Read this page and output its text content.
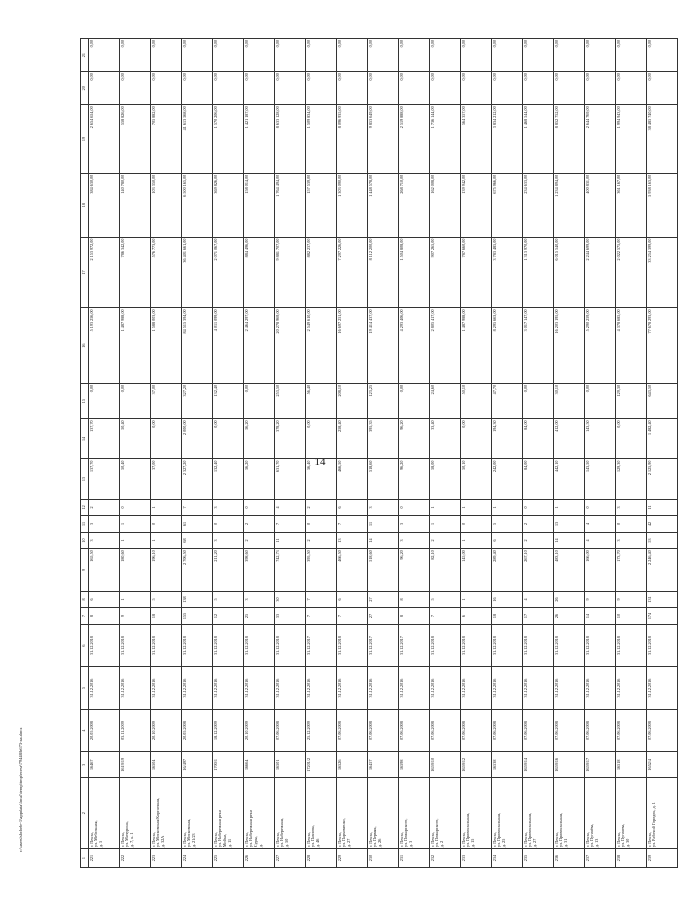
14
1	2	3	4	5	6	7	8	9	10	11	12	13	14	15	16	17	18	19	20	21
221	г. Пенза,
ул. Мебельная,
д. 5	16467	20.05.2008	31.12.2016	31.12.2018	8	6	165,50	3	3	2	137,70	137,70	0,00	5 193 256,00	2 153 972,00	384 630,00	2 654 654,00	0,00	0,00
222	г. Пенза,
ул. Мичурина,
д. 7, к. 1	1619/19	03.11.2009	31.12.2016	31.12.2018	9	1	180,60	1	1	0	50,40	50,40	0,00	1 487 988,00	786 342,00	140 780,00	558 826,00	0,00	0,00
223	г. Пенза,
ул. Московская/Кирпичная,
д. 32А	16504	20.10.2009	31.12.2016	31.12.2018	18	5	196,10	1	0	1	37,00	0,00	37,00	1 588 003,00	576 773,00	103 350,00	705 882,00	0,00	0,00
224	г. Пенза,
ул. Московская,
д. 21/23	16/497	20.05.2008	31.12.2016	31.12.2018	155	138	2 706,50	68	61	7	2 327,20	2 000,00	327,20	84 515 394,00	36 401 661,00	6 500 165,00	41 613 568,00	0,00	0,00
225	г. Пенза,
ул. Набережная реки
Мойки,
д. 11	1700/1	18.12.2009	31.12.2016	31.12.2018	12	5	211,20	3	0	3	132,40	0,00	132,40	4 011 099,00	2 071 067,00	369 826,00	1 570 206,00	0,00	0,00
226	г. Пенза,
ул. Набережная реки
Суры,
д.	16664	20.10.2009	31.12.2016	31.12.2018	25	3	398,60	2	2	0	56,20	56,20	0,00	2 464 297,00	884 496,00	158 014,00	1 421 187,00	0,00	0,00
227	г. Пенза,
ул. Набережная,
д. 50	16501	07.06.2008	31.12.2016	31.12.2018	33	30	742,73	11	7	4	631,70	378,20	253,50	20 278 969,00	9 881 707,00	1 764 494,00	8 633 128,00	0,00	0,00
228	г. Пенза,
ул. Павлова,
д. 46	17201/2	25.12.2009	31.12.2016	31.12.2017	7	7	395,50	2	0	2	56,40	0,00	56,40	2 549 610,00	882 237,00	157 539,00	1 509 834,00	0,00	0,00
229	г. Пенза,
ул. Пархоменко,
д. 27	16526	07.06.2008	31.12.2016	31.12.2018	7	6	466,50	13	7	6	466,50	258,40	208,10	16 697 251,00	7 297 226,00	1 303 090,00	8 096 935,00	0,00	0,00
230	г. Пенза,
ул. Пермяк,
д. 26	16457	07.06.2008	31.12.2016	31.12.2017	27	27	518,60	14	11	3	518,60	395,35	123,25	19 414 437,00	8 112 200,00	1 448 578,00	9 853 649,00	0,00	0,00
231	г. Пенза,
ул. Пожарского,
д. 3	16598	07.06.2008	31.12.2016	31.12.2017	8	8	96,20	3	3	0	96,20	96,20	0,00	4 293 406,00	1 504 808,00	268 710,00	2 519 888,00	0,00	0,00
232	г. Пенза,
ул. Пожарского,
д. 2	1659/10	07.06.2008	31.12.2016	31.12.2018	7	5	82,10	2	1	1	58,00	33,40	24,60	2 805 417,00	907 265,00	162 008,00	1 736 144,00	0,00	0,00
233	г. Пенза,
ул. Привокзальная,
д. 15	1659/12	07.06.2008	31.12.2016	31.12.2018	6	1	145,00	1	0	1	50,10	0,00	50,10	1 487 988,00	787 660,00	139 942,00	564 357,00	0,00	0,00
234	г. Пенза,
ул. Привокзальная,
д. 25	16538	07.06.2008	31.12.2016	31.12.2018	18	16	289,40	6	5	1	242,00	194,30	47,70	8 295 663,00	3 783 485,00	675 966,00	3 834 212,00	0,00	0,00
235	г. Пенза,
ул. Привокзальная,
д. 27	1659/14	07.06.2008	31.12.2016	31.12.2018	17	4	267,10	2	2	0	84,00	84,00	0,00	3 017 147,00	1 313 970,00	234 633,00	1 468 544,00	0,00	0,00
236	г. Пенза,
ул. Привокзальная,
д. 31	1659/16	07.06.2008	31.12.2016	31.12.2018	26	26	483,10	14	13	1	442,10	412,00	30,10	16 203 195,00	6 015 540,00	1 234 894,00	8 852 752,00	0,00	0,00
237	г. Пенза,
ул. Пугачёва,
д. 13	1659/17	07.06.2008	31.12.2016	31.12.2018	14	9	166,00	4	4	0	143,50	143,50	0,00	5 290 259,00	2 244 699,00	400 831,00	2 644 769,00	0,00	0,00
238	г. Пенза,
ул. Пугачева,
д. 30	16518	07.06.2008	31.12.2016	31.12.2018	10	9	173,70	3	0	3	129,30	0,00	129,30	4 378 685,00	2 022 575,00	361 167,00	1 994 943,00	0,00	0,00
239	г. Пенза,
ул. Рабочий Городок, д. 1	1652/4	07.06.2008	31.12.2016	31.12.2018	174	131	2 246,40	53	42	11	2 125,90	1 482,40	643,50	77 678 293,00	33 254 399,00	5 938 163,00	38 485 740,00	0,00	0,00
c:\users\shcheb~1\appdata\local\temp\tmp\ecesr\79448\b673-aa.docx
